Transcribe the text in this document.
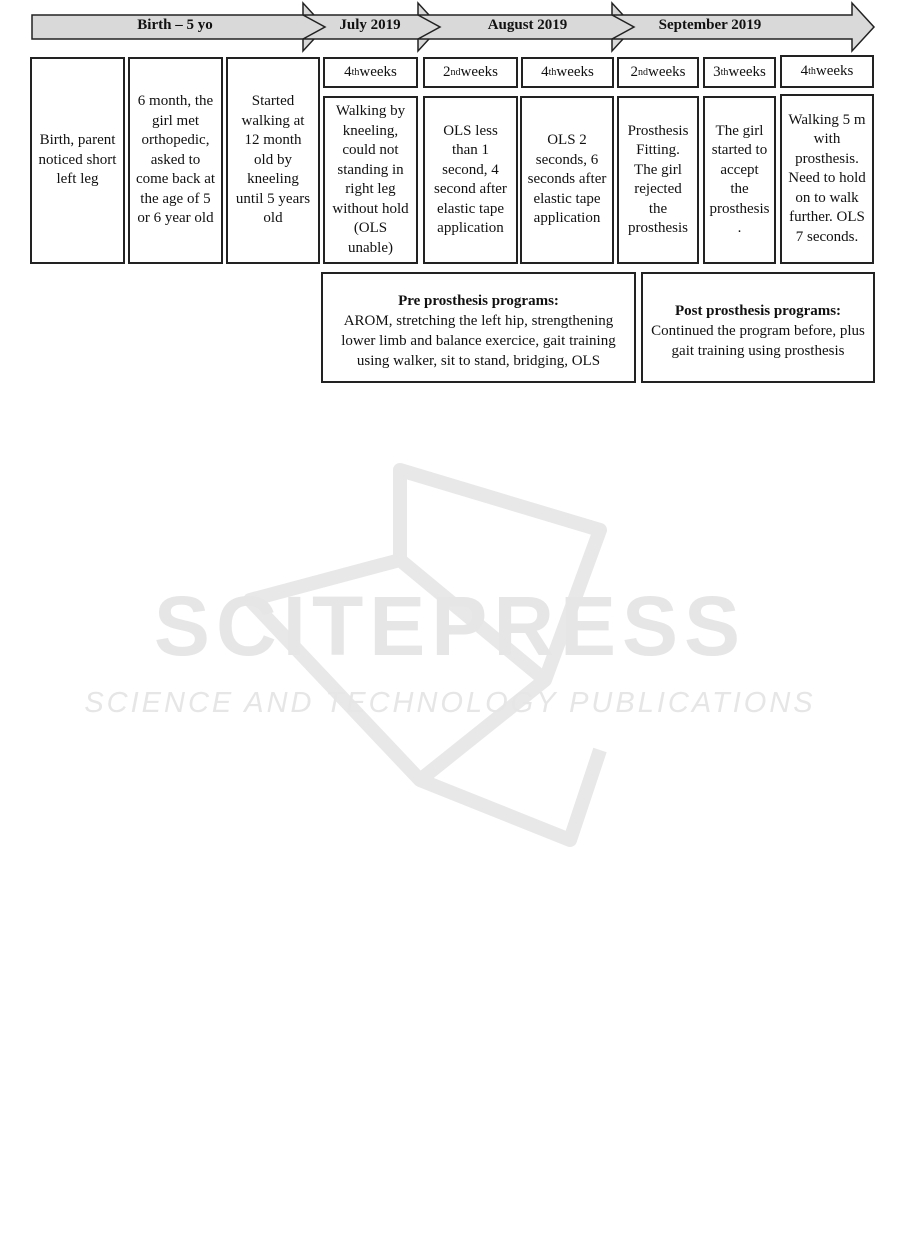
Birth – 5 yo	July 2019	August 2019	September 2019
4 th weeks	2 nd weeks	4 th weeks 2 nd weeks 3 th weeks 4 th weeks
Birth, parent
noticed short
left leg
6 month, the
girl met
orthopedic,
asked to
come back at
the age of 5
or 6 year old
Started
walking at
12 month
old by
kneeling
until 5 years
old
Walking by
kneeling,
could not
standing in
right leg
without hold
(OLS
unable)
OLS less
than 1
second, 4
second after
elastic tape
application
OLS 2
seconds, 6
seconds after
elastic tape
application
Prosthesis
Fitting.
The girl
rejected
the
prosthesis
The girl
started to
accept
the
prosthesis
.
Walking 5 m
with
prosthesis.
Need to hold
on to walk
further. OLS
7 seconds.
Pre prosthesis programs:
AROM, stretching the left hip, strengthening
lower limb and balance exercice, gait training
using walker, sit to stand, bridging, OLS
Post prosthesis programs:
Continued the program before, plus
gait training using prosthesis
SCITEPRESS
SCIENCE AND TECHNOLOGY PUBLICATIONS
